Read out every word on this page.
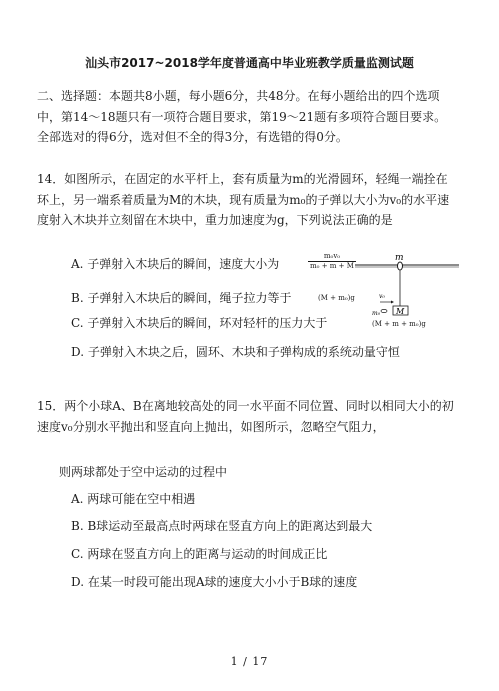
汕头市2017~2018学年度普通高中毕业班教学质量监测试题
二、选择题：本题共8小题，每小题6分，共48分。在每小题给出的四个选项中，第14～18题只有一项符合题目要求，第19～21题有多项符合题目要求。全部选对的得6分，选对但不全的得3分，有选错的得0分。
14．如图所示，在固定的水平杆上，套有质量为m的光滑圆环，轻绳一端拴在环上，另一端系着质量为M的木块，现有质量为m₀的子弹以大小为v₀的水平速度射入木块并立刻留在木块中，重力加速度为g，下列说法正确的是
A. 子弹射入木块后的瞬间，速度大小为
m₀v₀
m₀ + m + M
B. 子弹射入木块后的瞬间，绳子拉力等于	(M + m₀)g
C. 子弹射入木块后的瞬间，环对轻杆的压力大于	(M + m + m₀)g
D. 子弹射入木块之后，圆环、木块和子弹构成的系统动量守恒
m
M
m₀
v₀
15．两个小球A、B在离地较高处的同一水平面不同位置、同时以相同大小的初速度v₀分别水平抛出和竖直向上抛出，如图所示，忽略空气阻力，
则两球都处于空中运动的过程中
A. 两球可能在空中相遇
B. B球运动至最高点时两球在竖直方向上的距离达到最大
C. 两球在竖直方向上的距离与运动的时间成正比
D. 在某一时段可能出现A球的速度大小小于B球的速度
1 / 17
